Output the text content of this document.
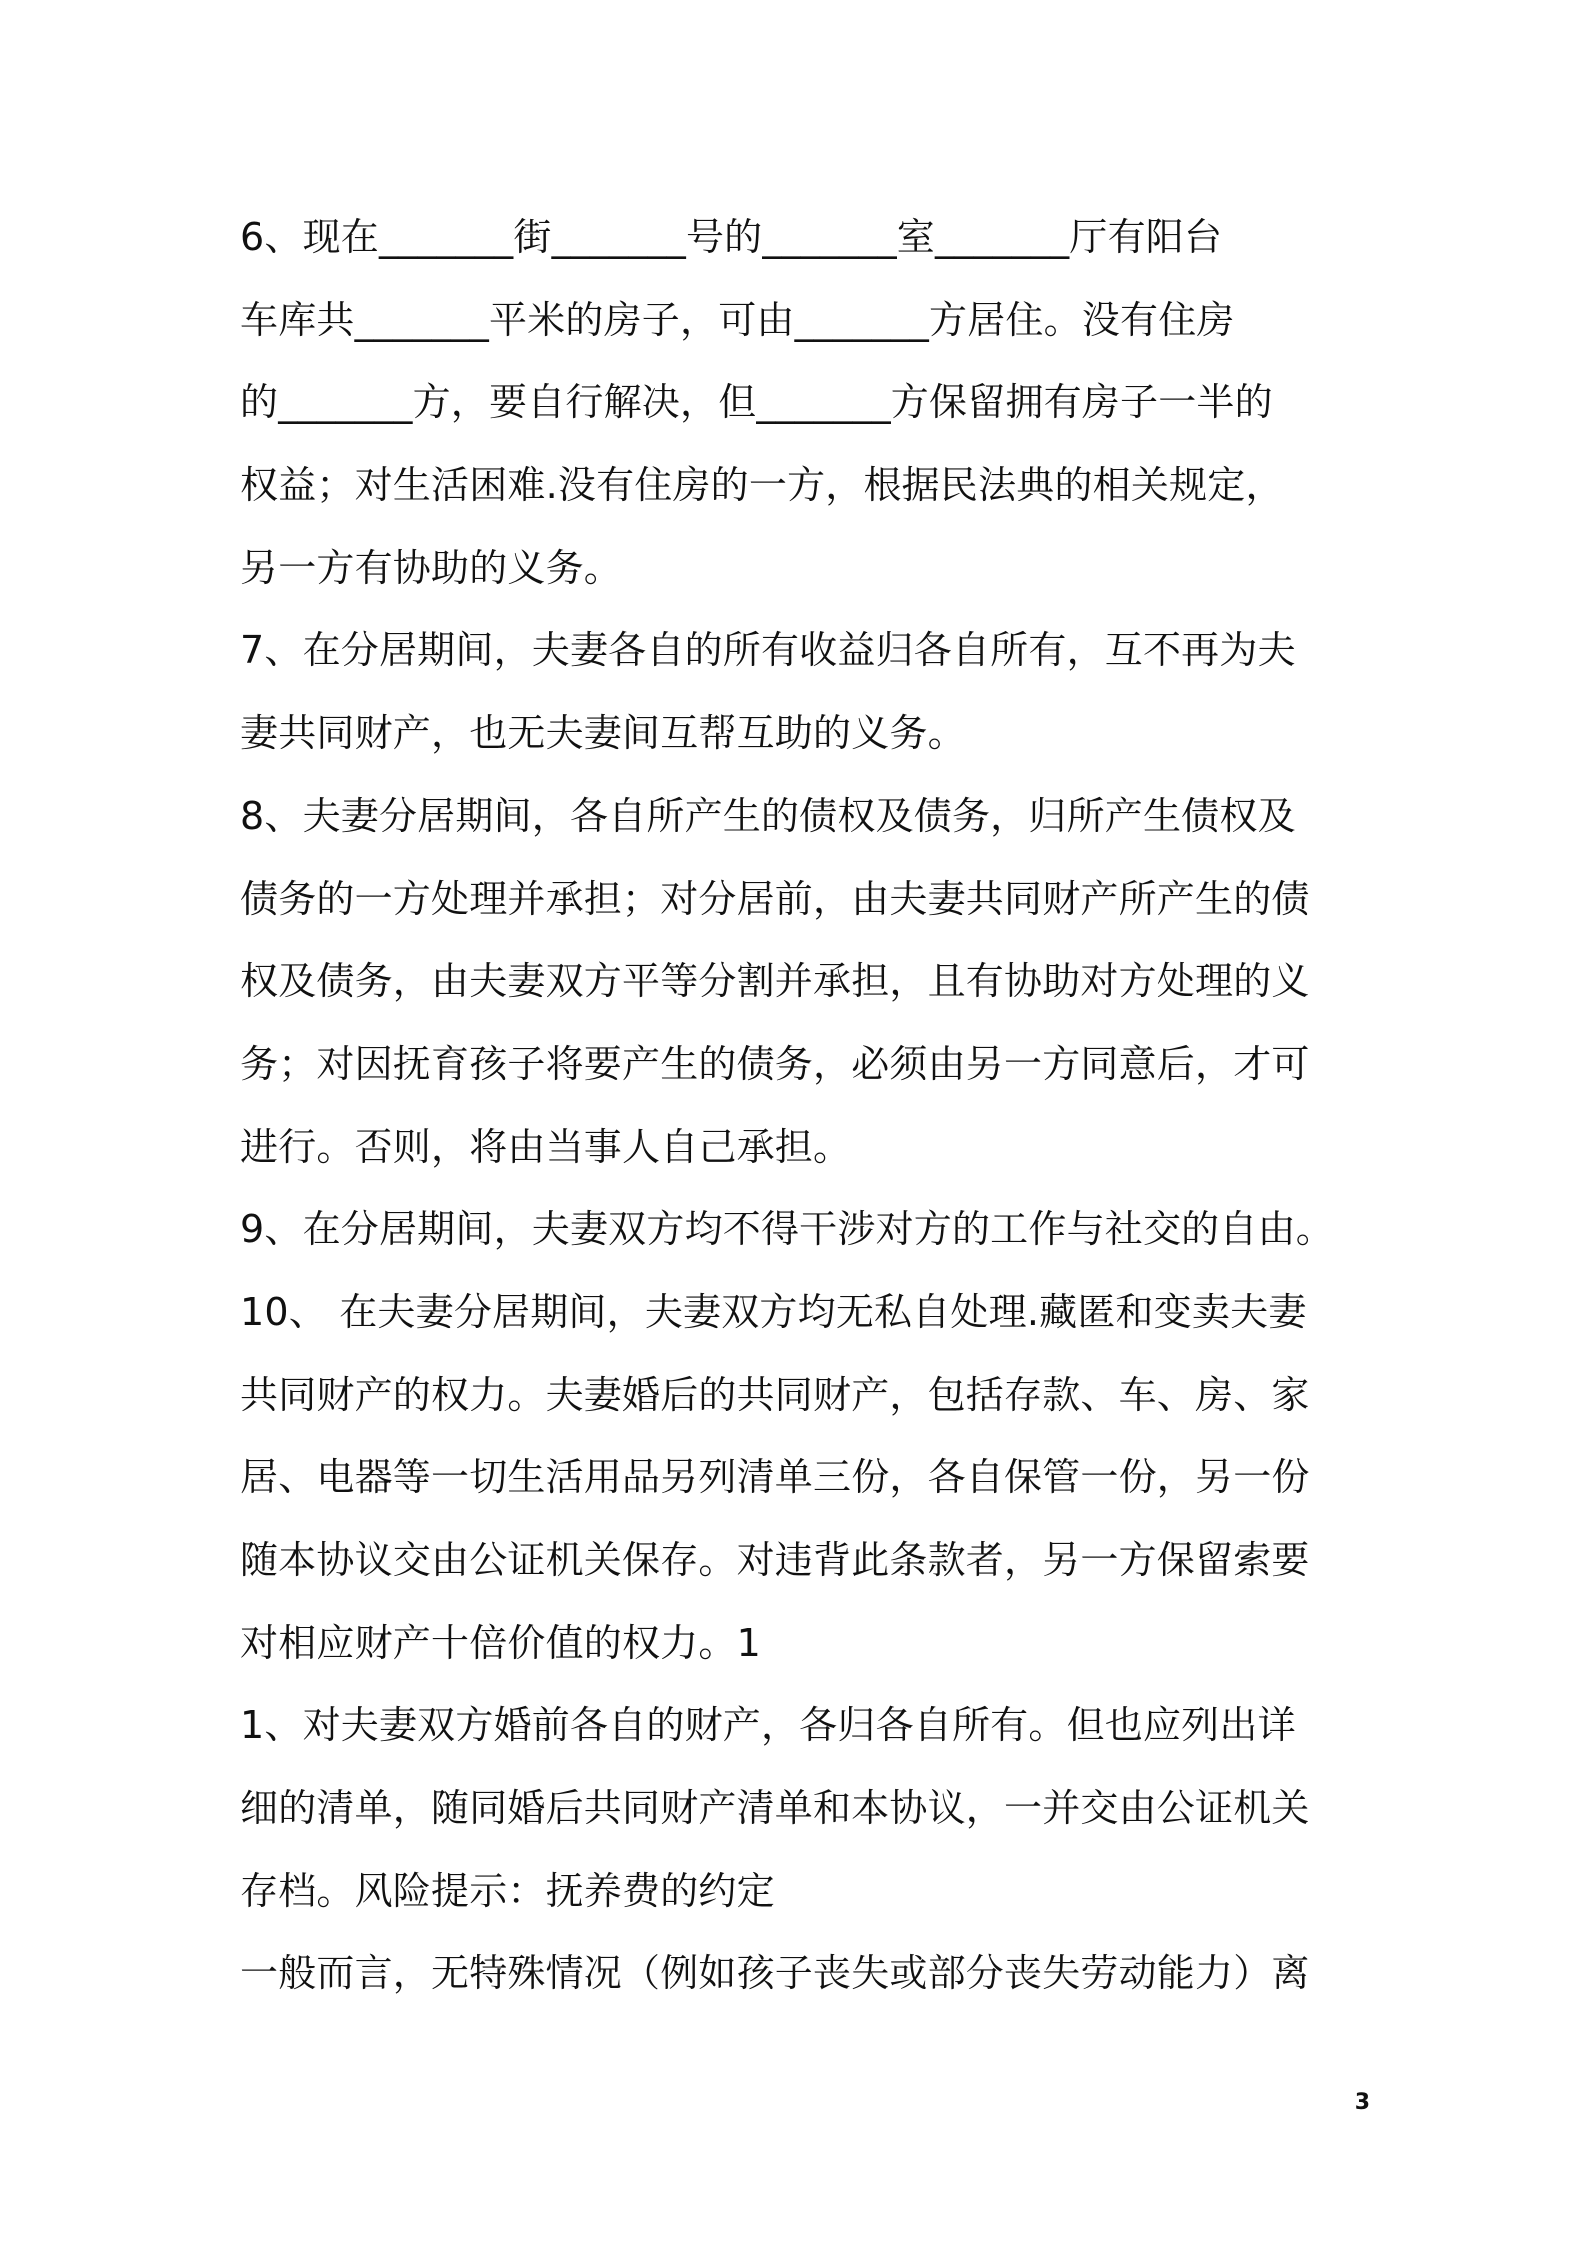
6、现在_______街_______号的_______室_______厅有阳台
车库共_______平米的房子，可由_______方居住。没有住房
的_______方，要自行解决，但_______方保留拥有房子一半的
权益；对生活困难.没有住房的一方，根据民法典的相关规定，
另一方有协助的义务。
7、在分居期间，夫妻各自的所有收益归各自所有，互不再为夫
妻共同财产，也无夫妻间互帮互助的义务。
8、夫妻分居期间，各自所产生的债权及债务，归所产生债权及
债务的一方处理并承担；对分居前，由夫妻共同财产所产生的债
权及债务，由夫妻双方平等分割并承担，且有协助对方处理的义
务；对因抚育孩子将要产生的债务，必须由另一方同意后，才可
进行。否则，将由当事人自己承担。
9、在分居期间，夫妻双方均不得干涉对方的工作与社交的自由。
10、 在夫妻分居期间，夫妻双方均无私自处理.藏匿和变卖夫妻
共同财产的权力。夫妻婚后的共同财产，包括存款、车、房、家
居、电器等一切生活用品另列清单三份，各自保管一份，另一份
随本协议交由公证机关保存。对违背此条款者，另一方保留索要
对相应财产十倍价值的权力。1
1、对夫妻双方婚前各自的财产，各归各自所有。但也应列出详
细的清单，随同婚后共同财产清单和本协议，一并交由公证机关
存档。风险提示：抚养费的约定
一般而言，无特殊情况（例如孩子丧失或部分丧失劳动能力）离
3
